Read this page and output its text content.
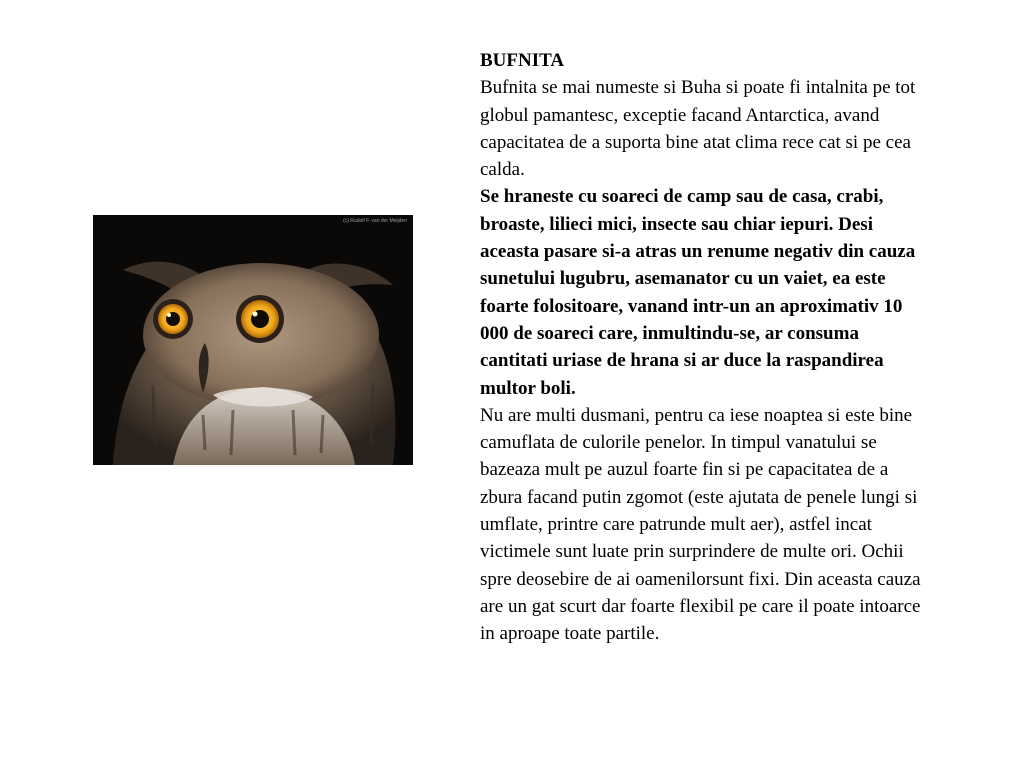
(c) Rudolf F. van der Meijden

BUFNITA

Bufnita se mai numeste si Buha si poate fi intalnita pe tot globul pamantesc, exceptie facand Antarctica, avand capacitatea de a suporta bine atat clima rece cat si pe cea calda.

Se hraneste cu soareci de camp sau de casa, crabi, broaste, lilieci mici, insecte sau chiar iepuri. Desi aceasta pasare si-a atras un renume negativ din cauza sunetului lugubru, asemanator cu un vaiet, ea este foarte folositoare, vanand intr-un an aproximativ 10 000 de soareci care, inmultindu-se, ar consuma cantitati uriase de hrana si ar duce la raspandirea multor boli.

Nu are multi dusmani, pentru ca iese noaptea si este bine camuflata de culorile penelor. In timpul vanatului se bazeaza mult pe auzul foarte fin si pe capacitatea de a zbura facand putin zgomot (este ajutata de penele lungi si umflate, printre care patrunde mult aer), astfel incat victimele sunt luate prin surprindere de multe ori. Ochii spre deosebire de ai oamenilorsunt fixi. Din aceasta cauza are un gat scurt dar foarte flexibil pe care il poate intoarce in aproape toate partile.
